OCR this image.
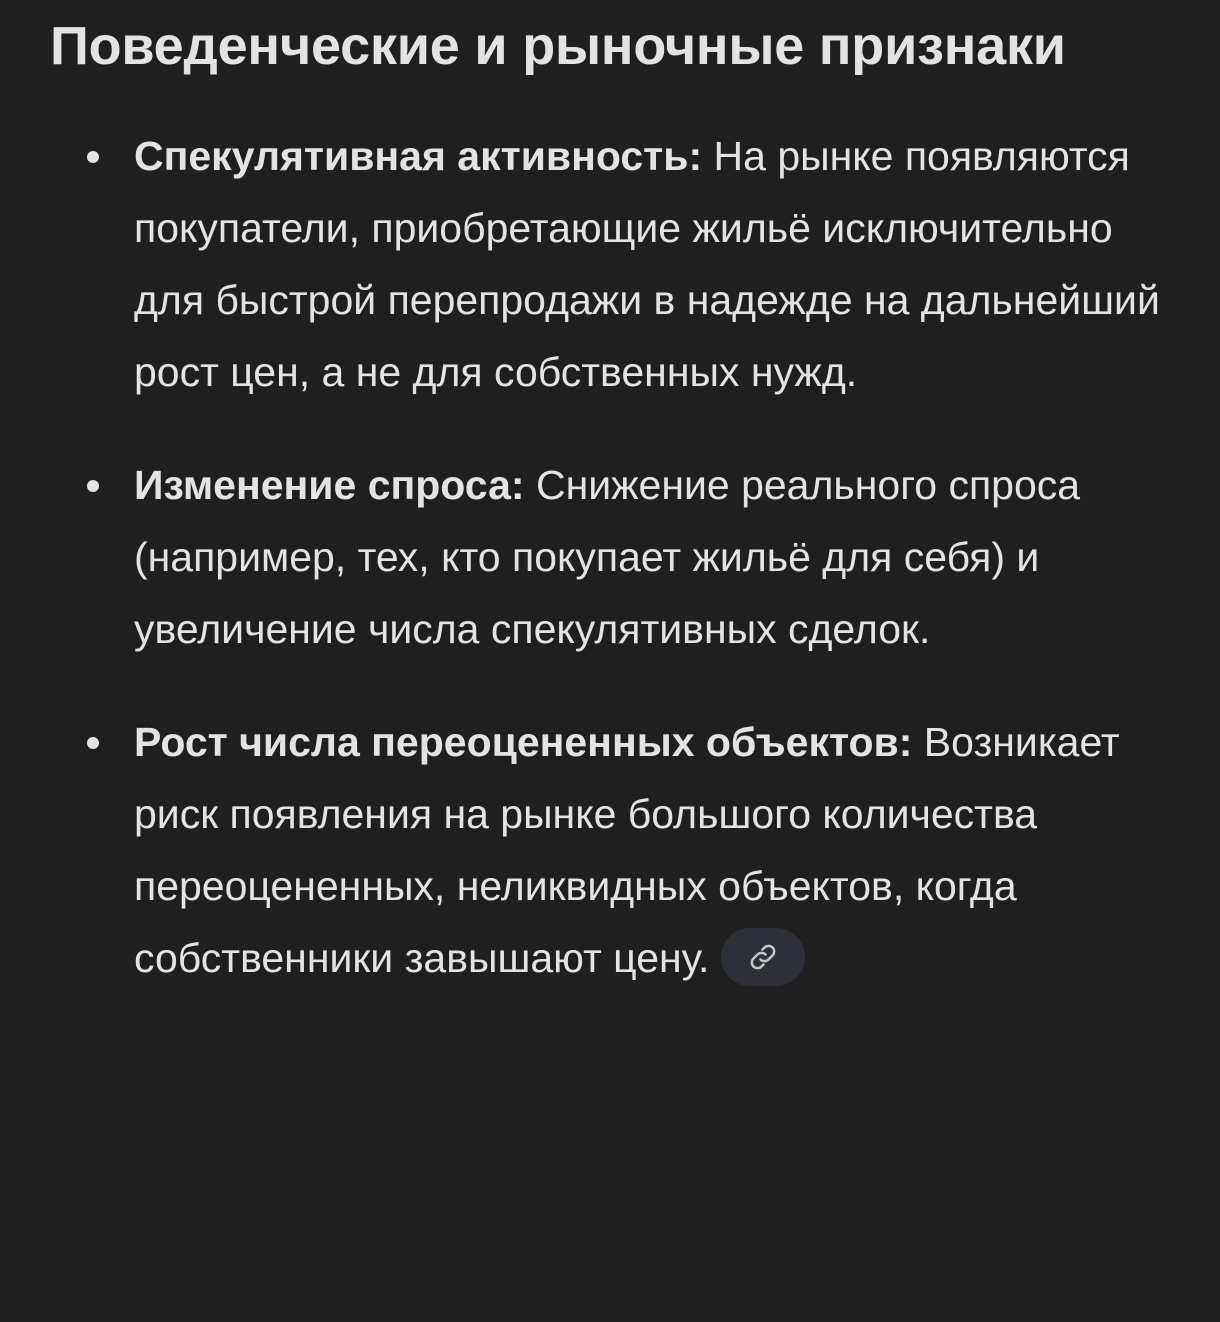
Поведенческие и рыночные признаки
Спекулятивная активность: На рынке появляются покупатели, приобретающие жильё исключительно для быстрой перепродажи в надежде на дальнейший рост цен, а не для собственных нужд.
Изменение спроса: Снижение реального спроса (например, тех, кто покупает жильё для себя) и увеличение числа спекулятивных сделок.
Рост числа переоцененных объектов: Возникает риск появления на рынке большого количества переоцененных, неликвидных объектов, когда собственники завышают цену.
